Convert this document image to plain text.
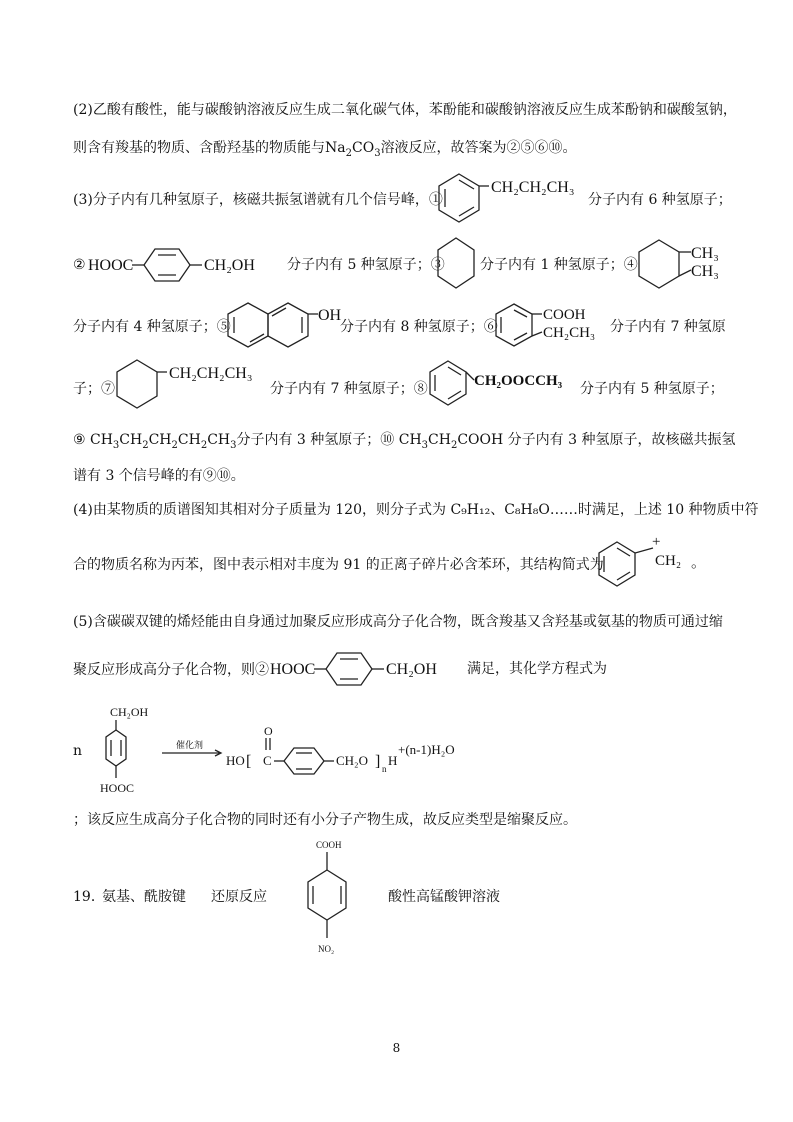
(2)乙酸有酸性，能与碳酸钠溶液反应生成二氧化碳气体，苯酚能和碳酸钠溶液反应生成苯酚钠和碳酸氢钠，
则含有羧基的物质、含酚羟基的物质能与$Na_2CO_3$溶液反应，故答案为②⑤⑥⑩。
(3)分子内有几种氢原子，核磁共振氢谱就有几个信号峰，①
CH₂CH₂CH₃
分子内有 6 种氢原子；
② HOOC	CH₂OH 分子内有 5 种氢原子；③	分子内有 1 种氢原子；④
CH₃
CH₃
分子内有 4 种氢原子；⑤
OH
分子内有 8 种氢原子；⑥
COOH
CH₂CH₃ 分子内有 7 种氢原
子；⑦
CH₂CH₂CH₃
分子内有 7 种氢原子；⑧	CH₂OOCCH₃ 分子内有 5 种氢原子；
⑨ $CH_3CH_2CH_2CH_2CH_3$分子内有 3 种氢原子；⑩ $CH_3CH_2COOH$ 分子内有 3 种氢原子，故核磁共振氢
谱有 3 个信号峰的有⑨⑩。
(4)由某物质的质谱图知其相对分子质量为 120，则分子式为 C₉H₁₂、C₈H₈O……时满足，上述 10 种物质中符
合的物质名称为丙苯，图中表示相对丰度为 91 的正离子碎片必含苯环，其结构简式为
+
CH₂ 。
(5)含碳碳双键的烯烃能由自身通过加聚反应形成高分子化合物，既含羧基又含羟基或氨基的物质可通过缩
聚反应形成高分子化合物，则② HOOC	CH₂OH 满足，其化学方程式为
n
CH₂OH
HOOC
催化剂
O
HO [ C	CH₂O ] n
H
+(n-1)H₂O
；该反应生成高分子化合物的同时还有小分子产物生成，故反应类型是缩聚反应。
19．
氨基、酰胺键 还原反应
COOH
NO₂
酸性高锰酸钾溶液
8
